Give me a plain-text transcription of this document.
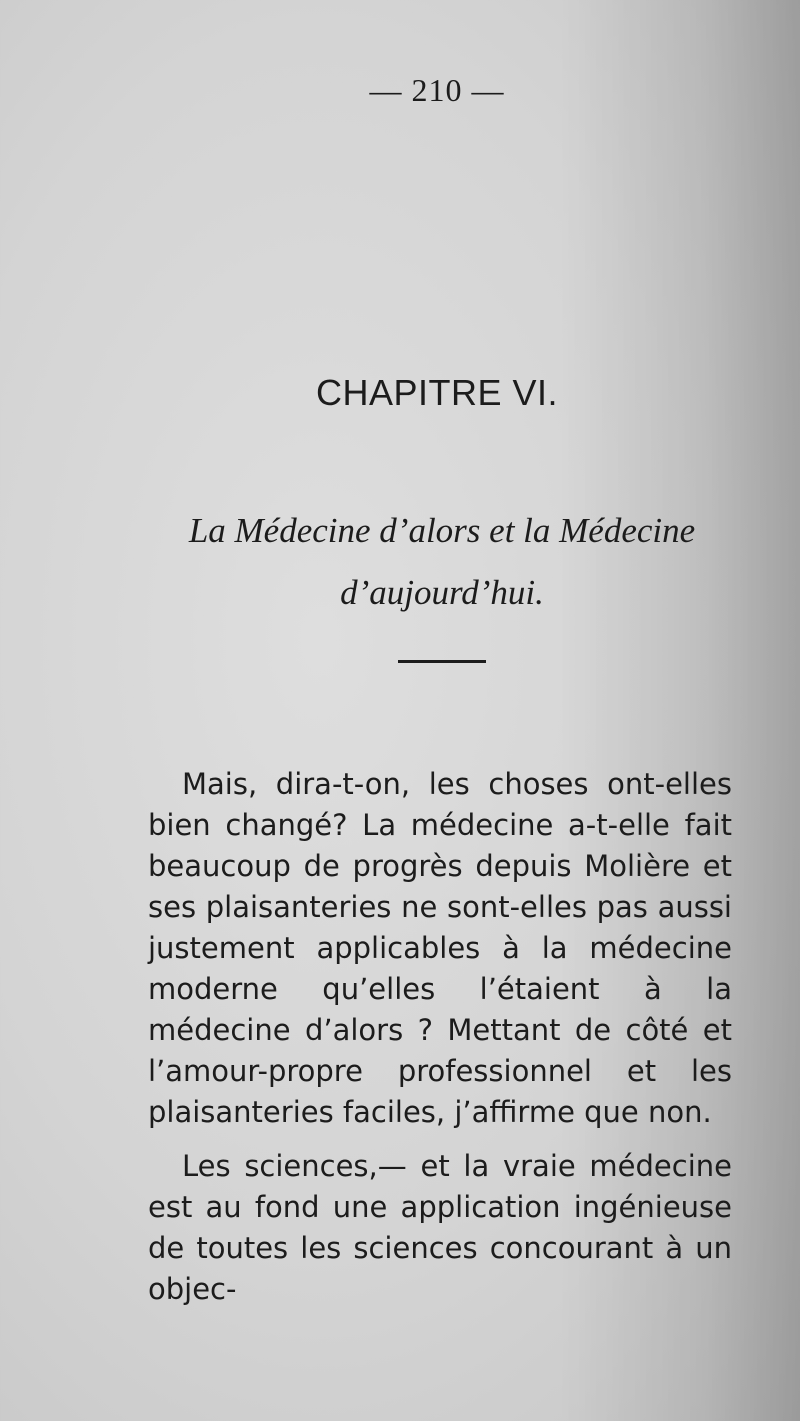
— 210 —
CHAPITRE VI.
La Médecine d’alors et la Médecine
d’aujourd’hui.

Mais, dira-t-on, les choses ont-elles bien changé? La médecine a-t-elle fait beaucoup de progrès depuis Molière et ses plaisanteries ne sont-elles pas aussi justement applicables à la médecine moderne qu’elles l’étaient à la médecine d’alors ? Mettant de côté et l’amour-propre professionnel et les plaisanteries faciles, j’affirme que non.

Les sciences,— et la vraie médecine est au fond une application ingénieuse de toutes les sciences concourant à un objec-
